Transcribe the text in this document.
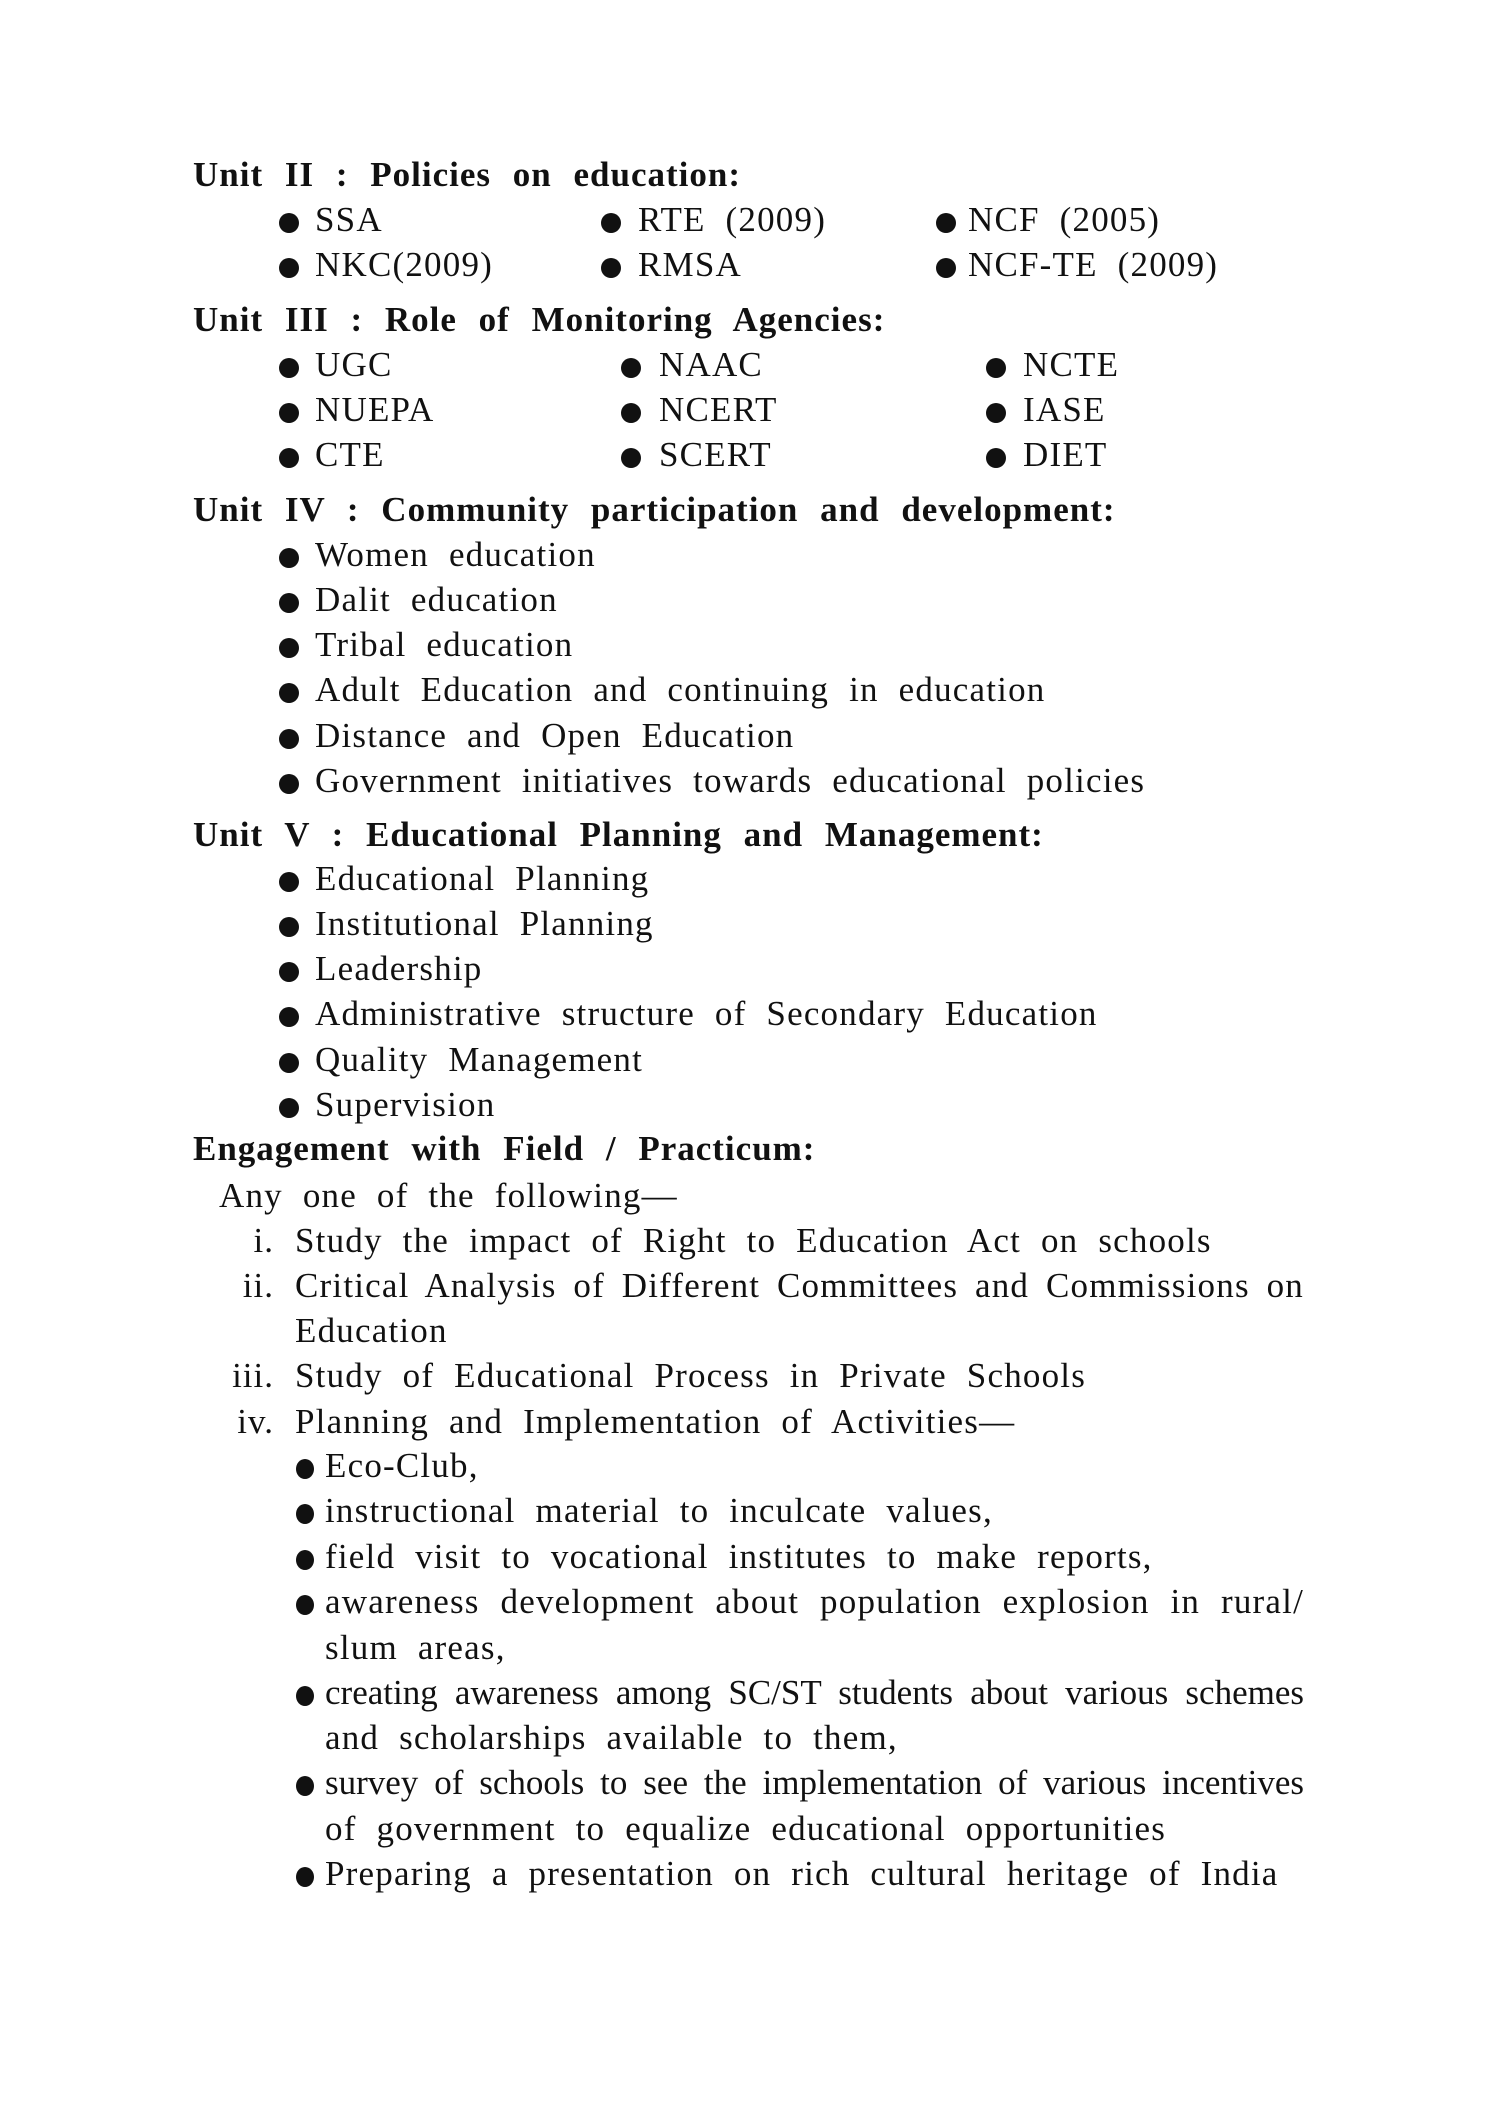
Unit II : Policies on education:
SSA	RTE (2009)	NCF (2005)
NKC(2009)	RMSA	NCF-TE (2009)
Unit III : Role of Monitoring Agencies:
UGC	NAAC	NCTE
NUEPA	NCERT	IASE
CTE	SCERT	DIET
Unit IV : Community participation and development:
Women education
Dalit education
Tribal education
Adult Education and continuing in education
Distance and Open Education
Government initiatives towards educational policies
Unit V : Educational Planning and Management:
Educational Planning
Institutional Planning
Leadership
Administrative structure of Secondary Education
Quality Management
Supervision
Engagement with Field / Practicum:
Any one of the following—
i. Study the impact of Right to Education Act on schools
ii. Critical Analysis of Different Committees and Commissions on
Education
iii. Study of Educational Process in Private Schools
iv. Planning and Implementation of Activities—
Eco-Club,
instructional material to inculcate values,
field visit to vocational institutes to make reports,
awareness development about population explosion in rural/
slum areas,
creating awareness among SC/ST students about various schemes
and scholarships available to them,
survey of schools to see the implementation of various incentives
of government to equalize educational opportunities
Preparing a presentation on rich cultural heritage of India
